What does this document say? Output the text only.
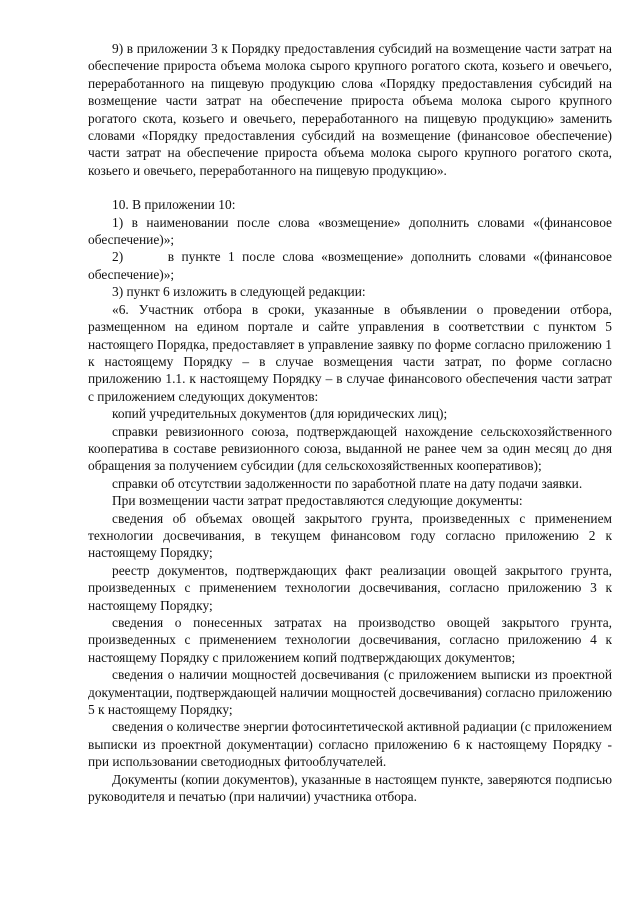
9) в приложении 3 к Порядку предоставления субсидий на возмещение части затрат на обеспечение прироста объема молока сырого крупного рогатого скота, козьего и овечьего, переработанного на пищевую продукцию слова «Порядку предоставления субсидий на возмещение части затрат на обеспечение прироста объема молока сырого крупного рогатого скота, козьего и овечьего, переработанного на пищевую продукцию» заменить словами «Порядку предоставления субсидий на возмещение (финансовое обеспечение) части затрат на обеспечение прироста объема молока сырого крупного рогатого скота, козьего и овечьего, переработанного на пищевую продукцию».

10. В приложении 10:

1) в наименовании после слова «возмещение» дополнить словами «(финансовое обеспечение)»;

2)      в пункте 1 после слова «возмещение» дополнить словами «(финансовое обеспечение)»;

3) пункт 6 изложить в следующей редакции:

«6. Участник отбора в сроки, указанные в объявлении о проведении отбора, размещенном на едином портале и сайте управления в соответствии с пунктом 5 настоящего Порядка, предоставляет в управление заявку по форме согласно приложению 1 к настоящему Порядку – в случае возмещения части затрат, по форме согласно приложению 1.1. к настоящему Порядку – в случае финансового обеспечения части затрат с приложением следующих документов:

копий учредительных документов (для юридических лиц);

справки ревизионного союза, подтверждающей нахождение сельскохозяйственного кооператива в составе ревизионного союза, выданной не ранее чем за один месяц до дня обращения за получением субсидии (для сельскохозяйственных кооперативов);

справки об отсутствии задолженности по заработной плате на дату подачи заявки.

При возмещении части затрат предоставляются следующие документы:

сведения об объемах овощей закрытого грунта, произведенных с применением технологии досвечивания, в текущем финансовом году согласно приложению 2 к настоящему Порядку;

реестр документов, подтверждающих факт реализации овощей закрытого грунта, произведенных с применением технологии досвечивания, согласно приложению 3 к настоящему Порядку;

сведения о понесенных затратах на производство овощей закрытого грунта, произведенных с применением технологии досвечивания, согласно приложению 4 к настоящему Порядку с приложением копий подтверждающих документов;

сведения о наличии мощностей досвечивания (с приложением выписки из проектной документации, подтверждающей наличии мощностей досвечивания) согласно приложению 5 к настоящему Порядку;

сведения о количестве энергии фотосинтетической активной радиации (с приложением выписки из проектной документации) согласно приложению 6 к настоящему Порядку - при использовании светодиодных фитооблучателей.

Документы (копии документов), указанные в настоящем пункте, заверяются подписью руководителя и печатью (при наличии) участника отбора.
